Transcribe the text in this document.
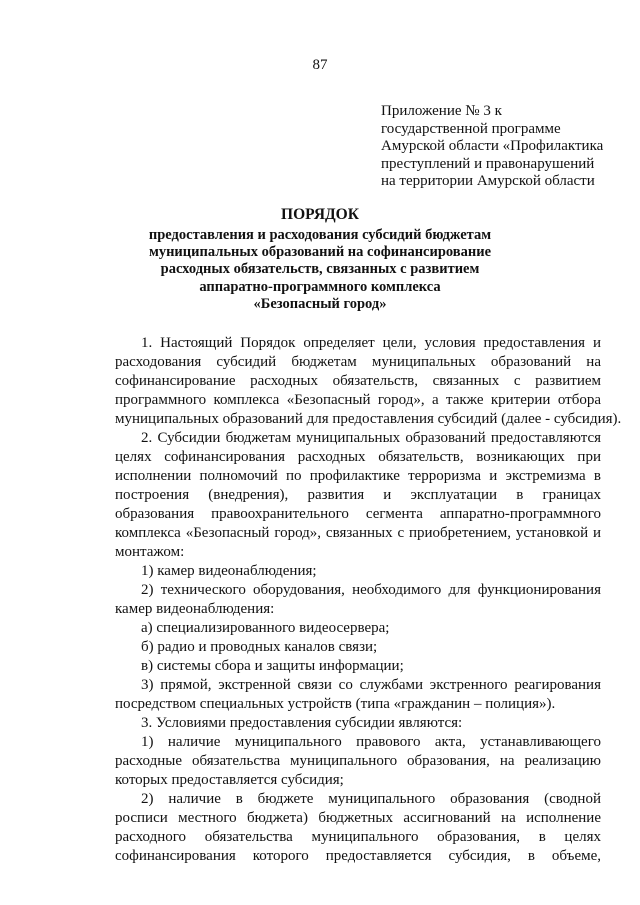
87
Приложение № 3 к
государственной программе
Амурской области «Профилактика
преступлений и правонарушений
на территории Амурской области
ПОРЯДОК
предоставления и расходования субсидий бюджетам
муниципальных образований на софинансирование
расходных обязательств, связанных с развитием
аппаратно-программного комплекса
«Безопасный город»
1. Настоящий Порядок определяет цели, условия предоставления и
расходования субсидий бюджетам муниципальных образований на
софинансирование расходных обязательств, связанных с развитием
программного комплекса «Безопасный город», а также критерии отбора
муниципальных образований для предоставления субсидий (далее - субсидия).
2. Субсидии бюджетам муниципальных образований предоставляются
целях софинансирования расходных обязательств, возникающих при
исполнении полномочий по профилактике терроризма и экстремизма в
построения (внедрения), развития и эксплуатации в границах
образования правоохранительного сегмента аппаратно-программного
комплекса «Безопасный город», связанных с приобретением, установкой и
монтажом:
1) камер видеонаблюдения;
2) технического оборудования, необходимого для функционирования
камер видеонаблюдения:
а) специализированного видеосервера;
б) радио и проводных каналов связи;
в) системы сбора и защиты информации;
3) прямой, экстренной связи со службами экстренного реагирования
посредством специальных устройств (типа «гражданин – полиция»).
3. Условиями предоставления субсидии являются:
1) наличие муниципального правового акта, устанавливающего
расходные обязательства муниципального образования, на реализацию
которых предоставляется субсидия;
2) наличие в бюджете муниципального образования (сводной
росписи местного бюджета) бюджетных ассигнований на исполнение
расходного обязательства муниципального образования, в целях
софинансирования которого предоставляется субсидия, в объеме,
